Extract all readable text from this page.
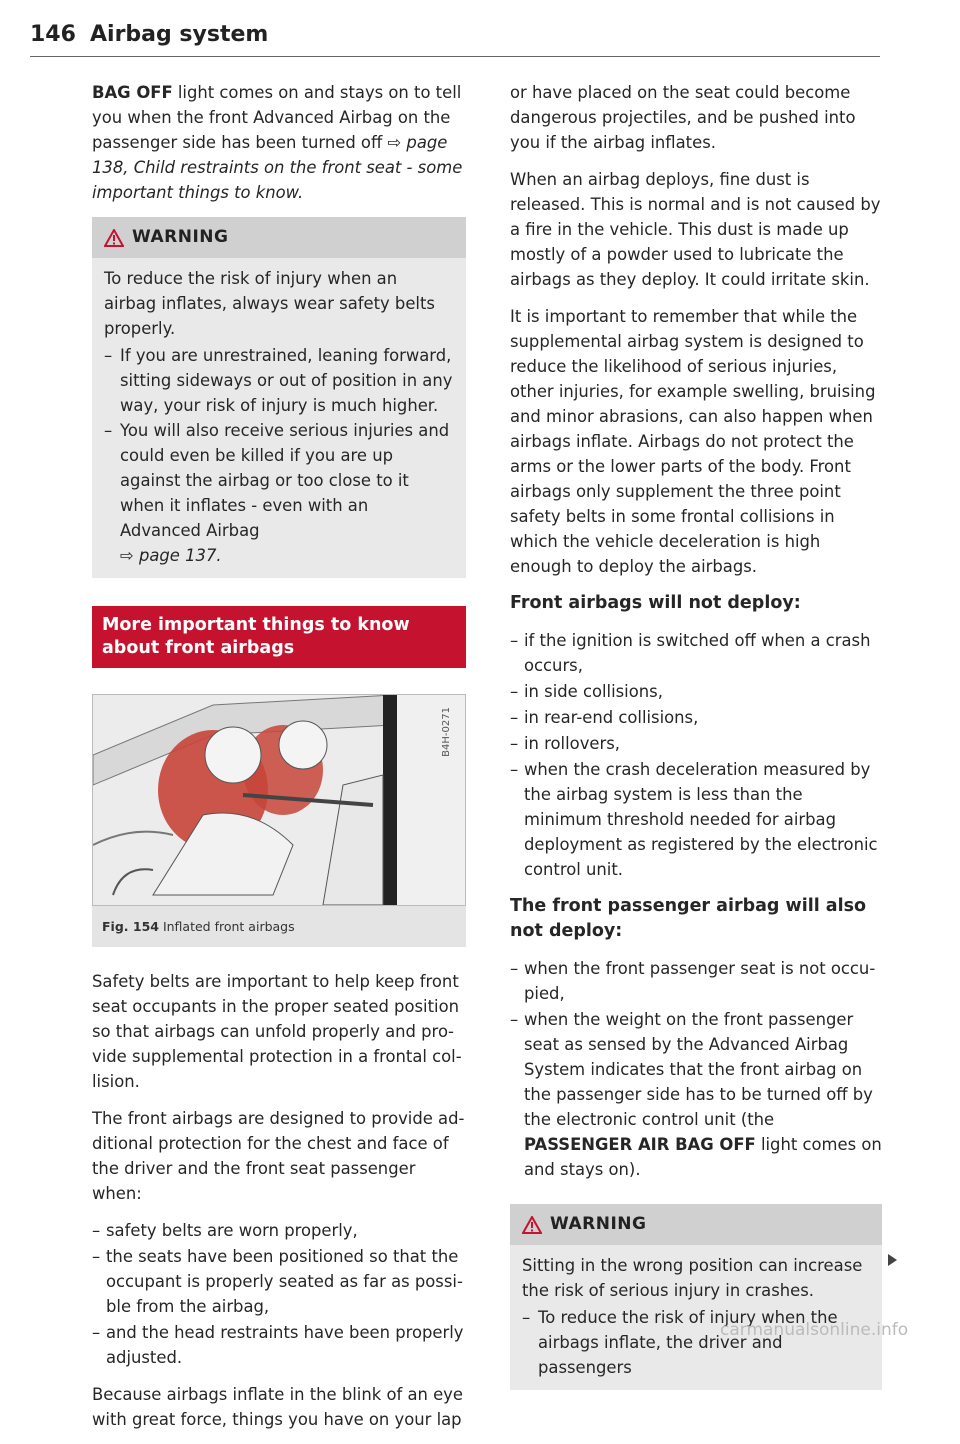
146 Airbag system

BAG OFF light comes on and stays on to tell you when the front Advanced Airbag on the passenger side has been turned off ⇨ page 138, Child restraints on the front seat - some important things to know.

WARNING

To reduce the risk of injury when an airbag inflates, always wear safety belts properly.

– If you are unrestrained, leaning forward, sitting sideways or out of position in any way, your risk of injury is much higher.
– You will also receive serious injuries and could even be killed if you are up against the airbag or too close to it when it inflates - even with an Advanced Airbag
⇨ page 137.
More important things to know about front airbags
B4H-0271
Fig. 154 Inflated front airbags

Safety belts are important to help keep front seat occupants in the proper seated position so that airbags can unfold properly and provide supplemental protection in a frontal collision.

The front airbags are designed to provide additional protection for the chest and face of the driver and the front seat passenger when:

– safety belts are worn properly,
– the seats have been positioned so that the occupant is properly seated as far as possible from the airbag,
– and the head restraints have been properly adjusted.

Because airbags inflate in the blink of an eye with great force, things you have on your lap

or have placed on the seat could become dangerous projectiles, and be pushed into you if the airbag inflates.

When an airbag deploys, fine dust is released. This is normal and is not caused by a fire in the vehicle. This dust is made up mostly of a powder used to lubricate the airbags as they deploy. It could irritate skin.

It is important to remember that while the supplemental airbag system is designed to reduce the likelihood of serious injuries, other injuries, for example swelling, bruising and minor abrasions, can also happen when airbags inflate. Airbags do not protect the arms or the lower parts of the body. Front airbags only supplement the three point safety belts in some frontal collisions in which the vehicle deceleration is high enough to deploy the airbags.

Front airbags will not deploy:
– if the ignition is switched off when a crash occurs,
– in side collisions,
– in rear-end collisions,
– in rollovers,
– when the crash deceleration measured by the airbag system is less than the minimum threshold needed for airbag deployment as registered by the electronic control unit.
The front passenger airbag will also not deploy:
– when the front passenger seat is not occupied,
– when the weight on the front passenger seat as sensed by the Advanced Airbag System indicates that the front airbag on the passenger side has to be turned off by the electronic control unit (the PASSENGER AIR BAG OFF light comes on and stays on).
WARNING

Sitting in the wrong position can increase the risk of serious injury in crashes.

– To reduce the risk of injury when the airbags inflate, the driver and passengers
carmanualsonline.info
